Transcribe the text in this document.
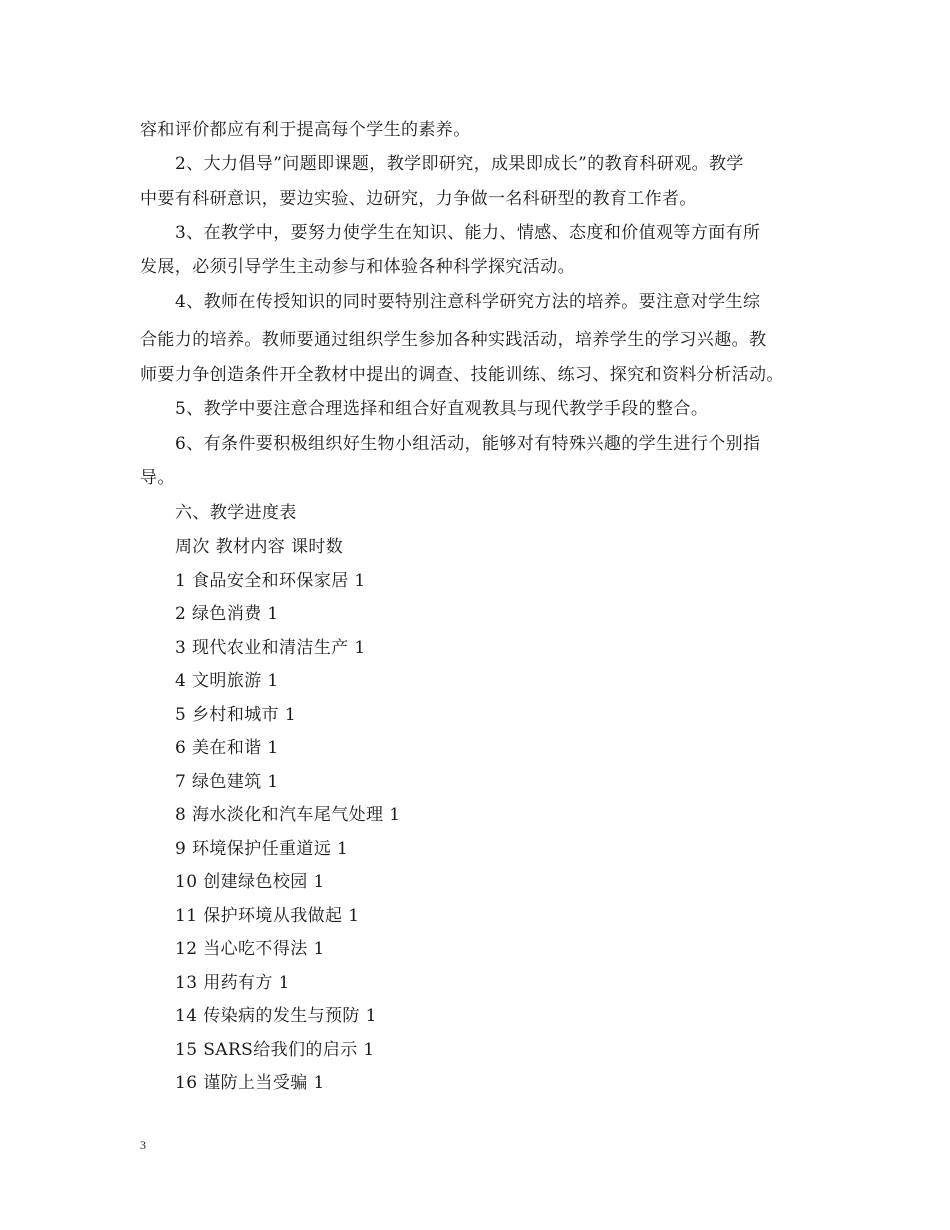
容和评价都应有利于提高每个学生的素养。
2、大力倡导”问题即课题，教学即研究，成果即成长”的教育科研观。教学
中要有科研意识，要边实验、边研究，力争做一名科研型的教育工作者。
3、在教学中，要努力使学生在知识、能力、情感、态度和价值观等方面有所
发展，必须引导学生主动参与和体验各种科学探究活动。
4、教师在传授知识的同时要特别注意科学研究方法的培养。要注意对学生综
合能力的培养。教师要通过组织学生参加各种实践活动，培养学生的学习兴趣。教
师要力争创造条件开全教材中提出的调查、技能训练、练习、探究和资料分析活动。
5、教学中要注意合理选择和组合好直观教具与现代教学手段的整合。
6、有条件要积极组织好生物小组活动，能够对有特殊兴趣的学生进行个别指
导。
六、教学进度表
周次 教材内容 课时数
1 食品安全和环保家居 1
2 绿色消费 1
3 现代农业和清洁生产 1
4 文明旅游 1
5 乡村和城市 1
6 美在和谐 1
7 绿色建筑 1
8 海水淡化和汽车尾气处理 1
9 环境保护任重道远 1
10 创建绿色校园 1
11 保护环境从我做起 1
12 当心吃不得法 1
13 用药有方 1
14 传染病的发生与预防 1
15 SARS给我们的启示 1
16 谨防上当受骗 1
3
